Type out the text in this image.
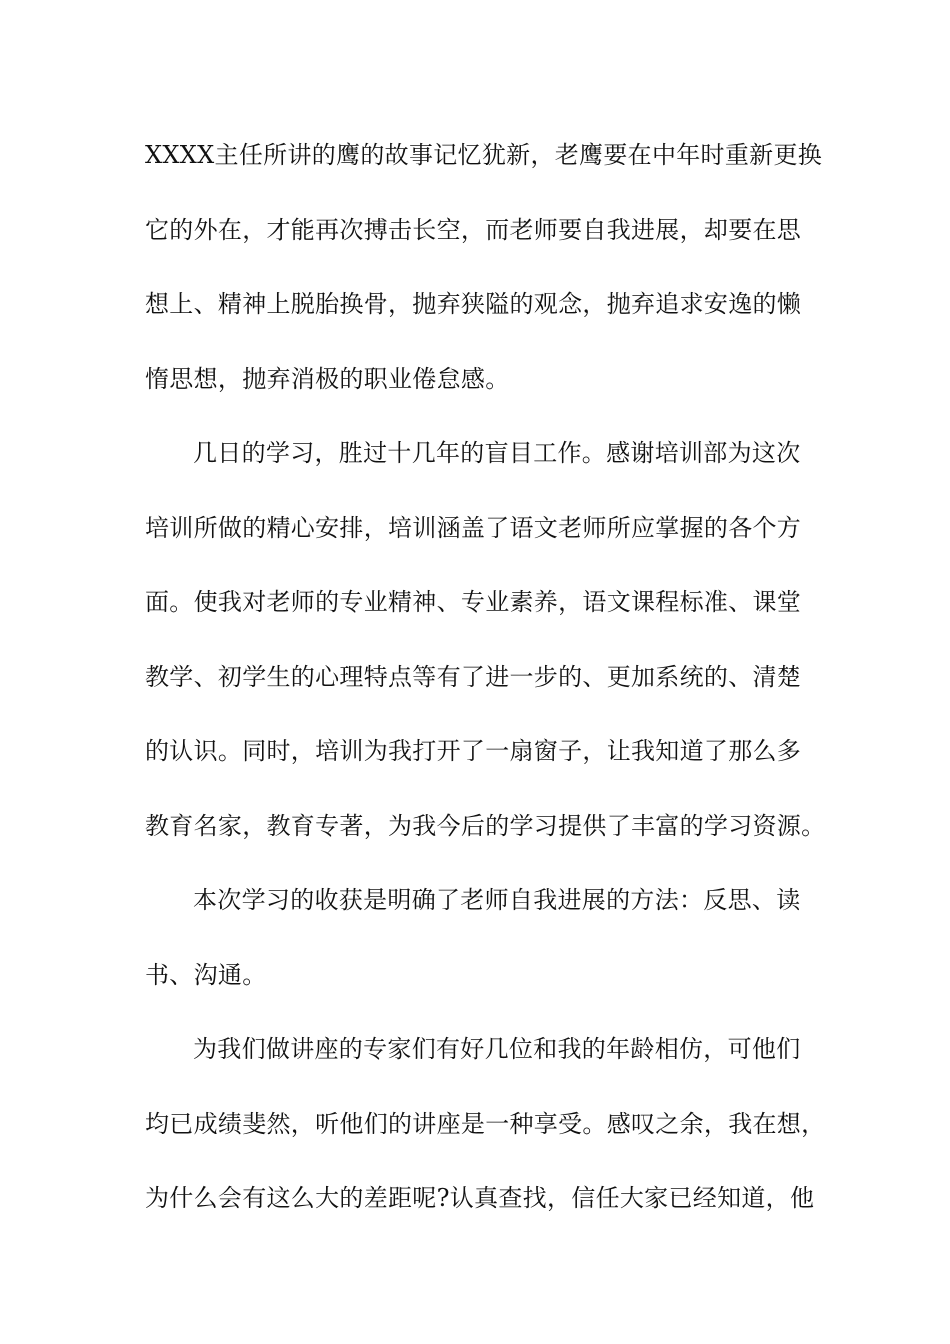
XXXX主任所讲的鹰的故事记忆犹新，老鹰要在中年时重新更换
它的外在，才能再次搏击长空，而老师要自我进展，却要在思
想上、精神上脱胎换骨，抛弃狭隘的观念，抛弃追求安逸的懒
惰思想，抛弃消极的职业倦怠感。
几日的学习，胜过十几年的盲目工作。感谢培训部为这次
培训所做的精心安排，培训涵盖了语文老师所应掌握的各个方
面。使我对老师的专业精神、专业素养，语文课程标准、课堂
教学、初学生的心理特点等有了进一步的、更加系统的、清楚
的认识。同时，培训为我打开了一扇窗子，让我知道了那么多
教育名家，教育专著，为我今后的学习提供了丰富的学习资源。
本次学习的收获是明确了老师自我进展的方法：反思、读
书、沟通。
为我们做讲座的专家们有好几位和我的年龄相仿，可他们
均已成绩斐然，听他们的讲座是一种享受。感叹之余，我在想，
为什么会有这么大的差距呢?认真查找，信任大家已经知道，他
